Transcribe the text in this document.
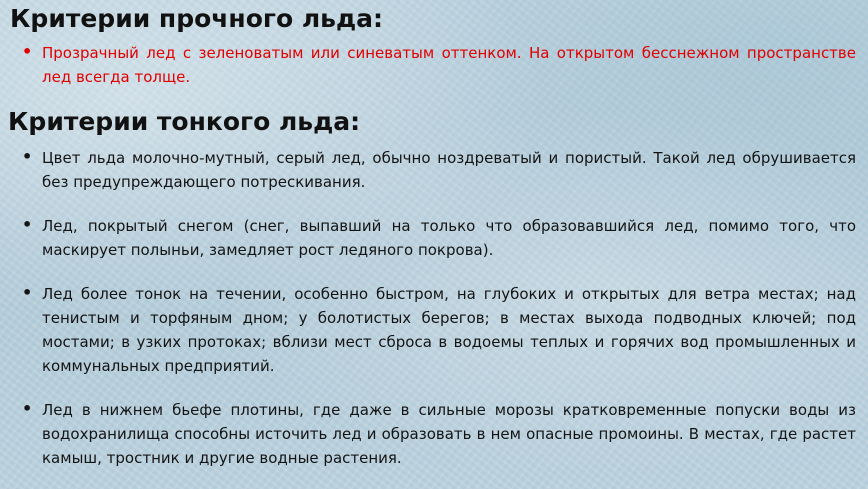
Критерии прочного льда:
• Прозрачный лед с зеленоватым или синеватым оттенком. На открытом бесснежном пространстве лед всегда толще.
Критерии тонкого льда:
• Цвет льда молочно-мутный, серый лед, обычно ноздреватый и пористый. Такой лед обрушивается без предупреждающего потрескивания.
• Лед, покрытый снегом (снег, выпавший на только что образовавшийся лед, помимо того, что маскирует полыньи, замедляет рост ледяного покрова).
• Лед более тонок на течении, особенно быстром, на глубоких и открытых для ветра местах; над тенистым и торфяным дном; у болотистых берегов; в местах выхода подводных ключей; под мостами; в узких протоках; вблизи мест сброса в водоемы теплых и горячих вод промышленных и коммунальных предприятий.
• Лед в нижнем бьефе плотины, где даже в сильные морозы кратковременные попуски воды из водохранилища способны источить лед и образовать в нем опасные промоины. В местах, где растет камыш, тростник и другие водные растения.
